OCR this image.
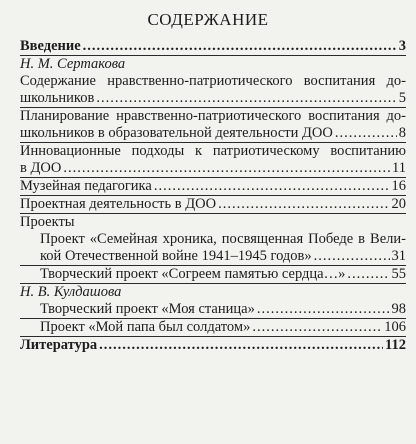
СОДЕРЖАНИЕ
Введение .....	3
Н. М. Сертакова
Содержание нравственно-патриотического воспитания до-
школьников .....	5
Планирование нравственно-патриотического воспитания до-
школьников в образовательной деятельности ДОО .....	8
Инновационные подходы к патриотическому воспитанию
в ДОО .....	11
Музейная педагогика .....	16
Проектная деятельность в ДОО .....	20
Проекты
Проект «Семейная хроника, посвященная Победе в Вели-
кой Отечественной войне 1941–1945 годов» .....	31
Творческий проект «Согреем памятью сердца…» .....	55
Н. В. Кулдашова
Творческий проект «Моя станица» .....	98
Проект «Мой папа был солдатом» .....	106
Литература .....	112
